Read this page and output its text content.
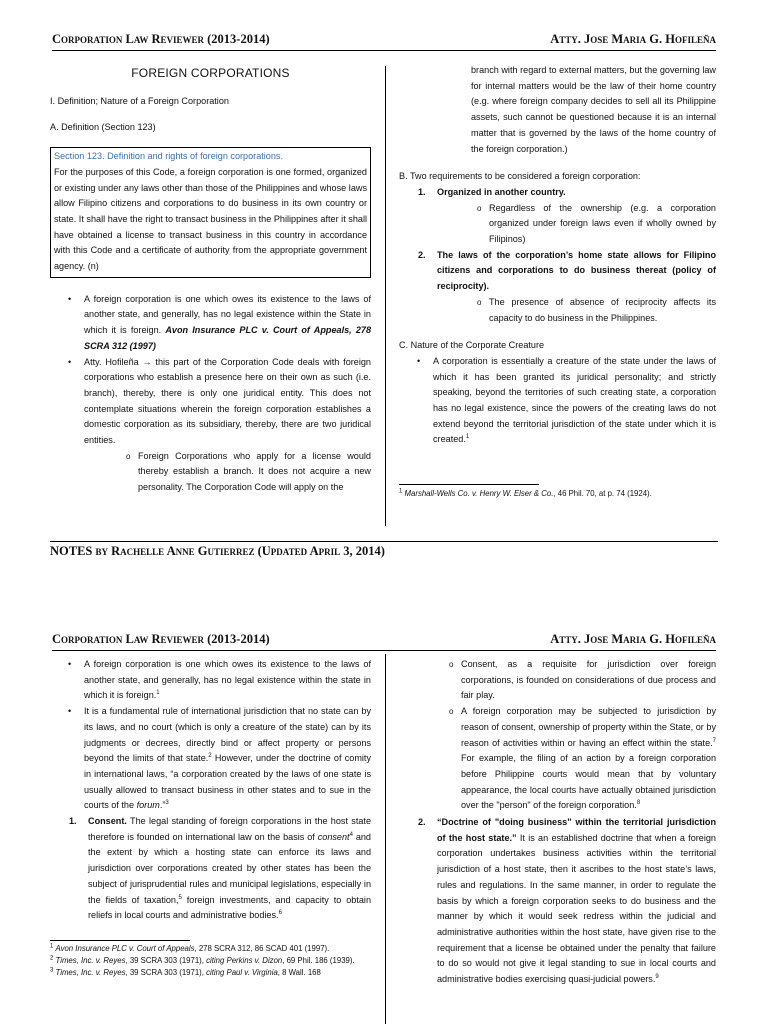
Corporation Law Reviewer (2013-2014)	Atty. Jose Maria G. Hofileña
FOREIGN CORPORATIONS

I. Definition; Nature of a Foreign Corporation

A. Definition (Section 123)

Section 123. Definition and rights of foreign corporations.

For the purposes of this Code, a foreign corporation is one formed, organized or existing under any laws other than those of the Philippines and whose laws allow Filipino citizens and corporations to do business in its own country or state. It shall have the right to transact business in the Philippines after it shall have obtained a license to transact business in this country in accordance with this Code and a certificate of authority from the appropriate government agency. (n)

• A foreign corporation is one which owes its existence to the laws of another state, and generally, has no legal existence within the State in which it is foreign. Avon Insurance PLC v. Court of Appeals, 278 SCRA 312 (1997)
• Atty. Hofileña → this part of the Corporation Code deals with foreign corporations who establish a presence here on their own as such (i.e. branch), thereby, there is only one juridical entity. This does not contemplate situations wherein the foreign corporation establishes a domestic corporation as its subsidiary, thereby, there are two juridical entities.
o Foreign Corporations who apply for a license would thereby establish a branch. It does not acquire a new personality. The Corporation Code will apply on the

branch with regard to external matters, but the governing law for internal matters would be the law of their home country (e.g. where foreign company decides to sell all its Philippine assets, such cannot be questioned because it is an internal matter that is governed by the laws of the home country of the foreign corporation.)

B. Two requirements to be considered a foreign corporation:

1. Organized in another country.
o Regardless of the ownership (e.g. a corporation organized under foreign laws even if wholly owned by Filipinos)
2. The laws of the corporation’s home state allows for Filipino citizens and corporations to do business thereat (policy of reciprocity).
o The presence of absence of reciprocity affects its capacity to do business in the Philippines.

C. Nature of the Corporate Creature

• A corporation is essentially a creature of the state under the laws of which it has been granted its juridical personality; and strictly speaking, beyond the territories of such creating state, a corporation has no legal existence, since the powers of the creating laws do not extend beyond the territorial jurisdiction of the state under which it is created.$^1$

$^1$ Marshall-Wells Co. v. Henry W. Elser & Co., 46 Phil. 70, at p. 74 (1924).

NOTES by Rachelle Anne Gutierrez (Updated April 3, 2014)
Corporation Law Reviewer (2013-2014)	Atty. Jose Maria G. Hofileña
• A foreign corporation is one which owes its existence to the laws of another state, and generally, has no legal existence within the state in which it is foreign.$^1$
• It is a fundamental rule of international jurisdiction that no state can by its laws, and no court (which is only a creature of the state) can by its judgments or decrees, directly bind or affect property or persons beyond the limits of that state.$^2$ However, under the doctrine of comity in international laws, “a corporation created by the laws of one state is usually allowed to transact business in other states and to sue in the courts of the forum.”$^3$
1. Consent. The legal standing of foreign corporations in the host state therefore is founded on international law on the basis of consent$^4$ and the extent by which a hosting state can enforce its laws and jurisdiction over corporations created by other states has been the subject of jurisprudential rules and municipal legislations, especially in the fields of taxation,$^5$ foreign investments, and capacity to obtain reliefs in local courts and administrative bodies.$^6$

$^1$ Avon Insurance PLC v. Court of Appeals, 278 SCRA 312, 86 SCAD 401 (1997).

$^2$ Times, Inc. v. Reyes, 39 SCRA 303 (1971), citing Perkins v. Dizon, 69 Phil. 186 (1939).

$^3$ Times, Inc. v. Reyes, 39 SCRA 303 (1971), citing Paul v. Virginia, 8 Wall. 168

o Consent, as a requisite for jurisdiction over foreign corporations, is founded on considerations of due process and fair play.
o A foreign corporation may be subjected to jurisdiction by reason of consent, ownership of property within the State, or by reason of activities within or having an effect within the state.$^7$ For example, the filing of an action by a foreign corporation before Philippine courts would mean that by voluntary appearance, the local courts have actually obtained jurisdiction over the "person" of the foreign corporation.$^8$
2. “Doctrine of "doing business" within the territorial jurisdiction of the host state.” It is an established doctrine that when a foreign corporation undertakes business activities within the territorial jurisdiction of a host state, then it ascribes to the host state’s laws, rules and regulations. In the same manner, in order to regulate the basis by which a foreign corporation seeks to do business and the manner by which it would seek redress within the judicial and administrative authorities within the host state, have given rise to the requirement that a license be obtained under the penalty that failure to do so would not give it legal standing to sue in local courts and administrative bodies exercising quasi-judicial powers.$^9$
